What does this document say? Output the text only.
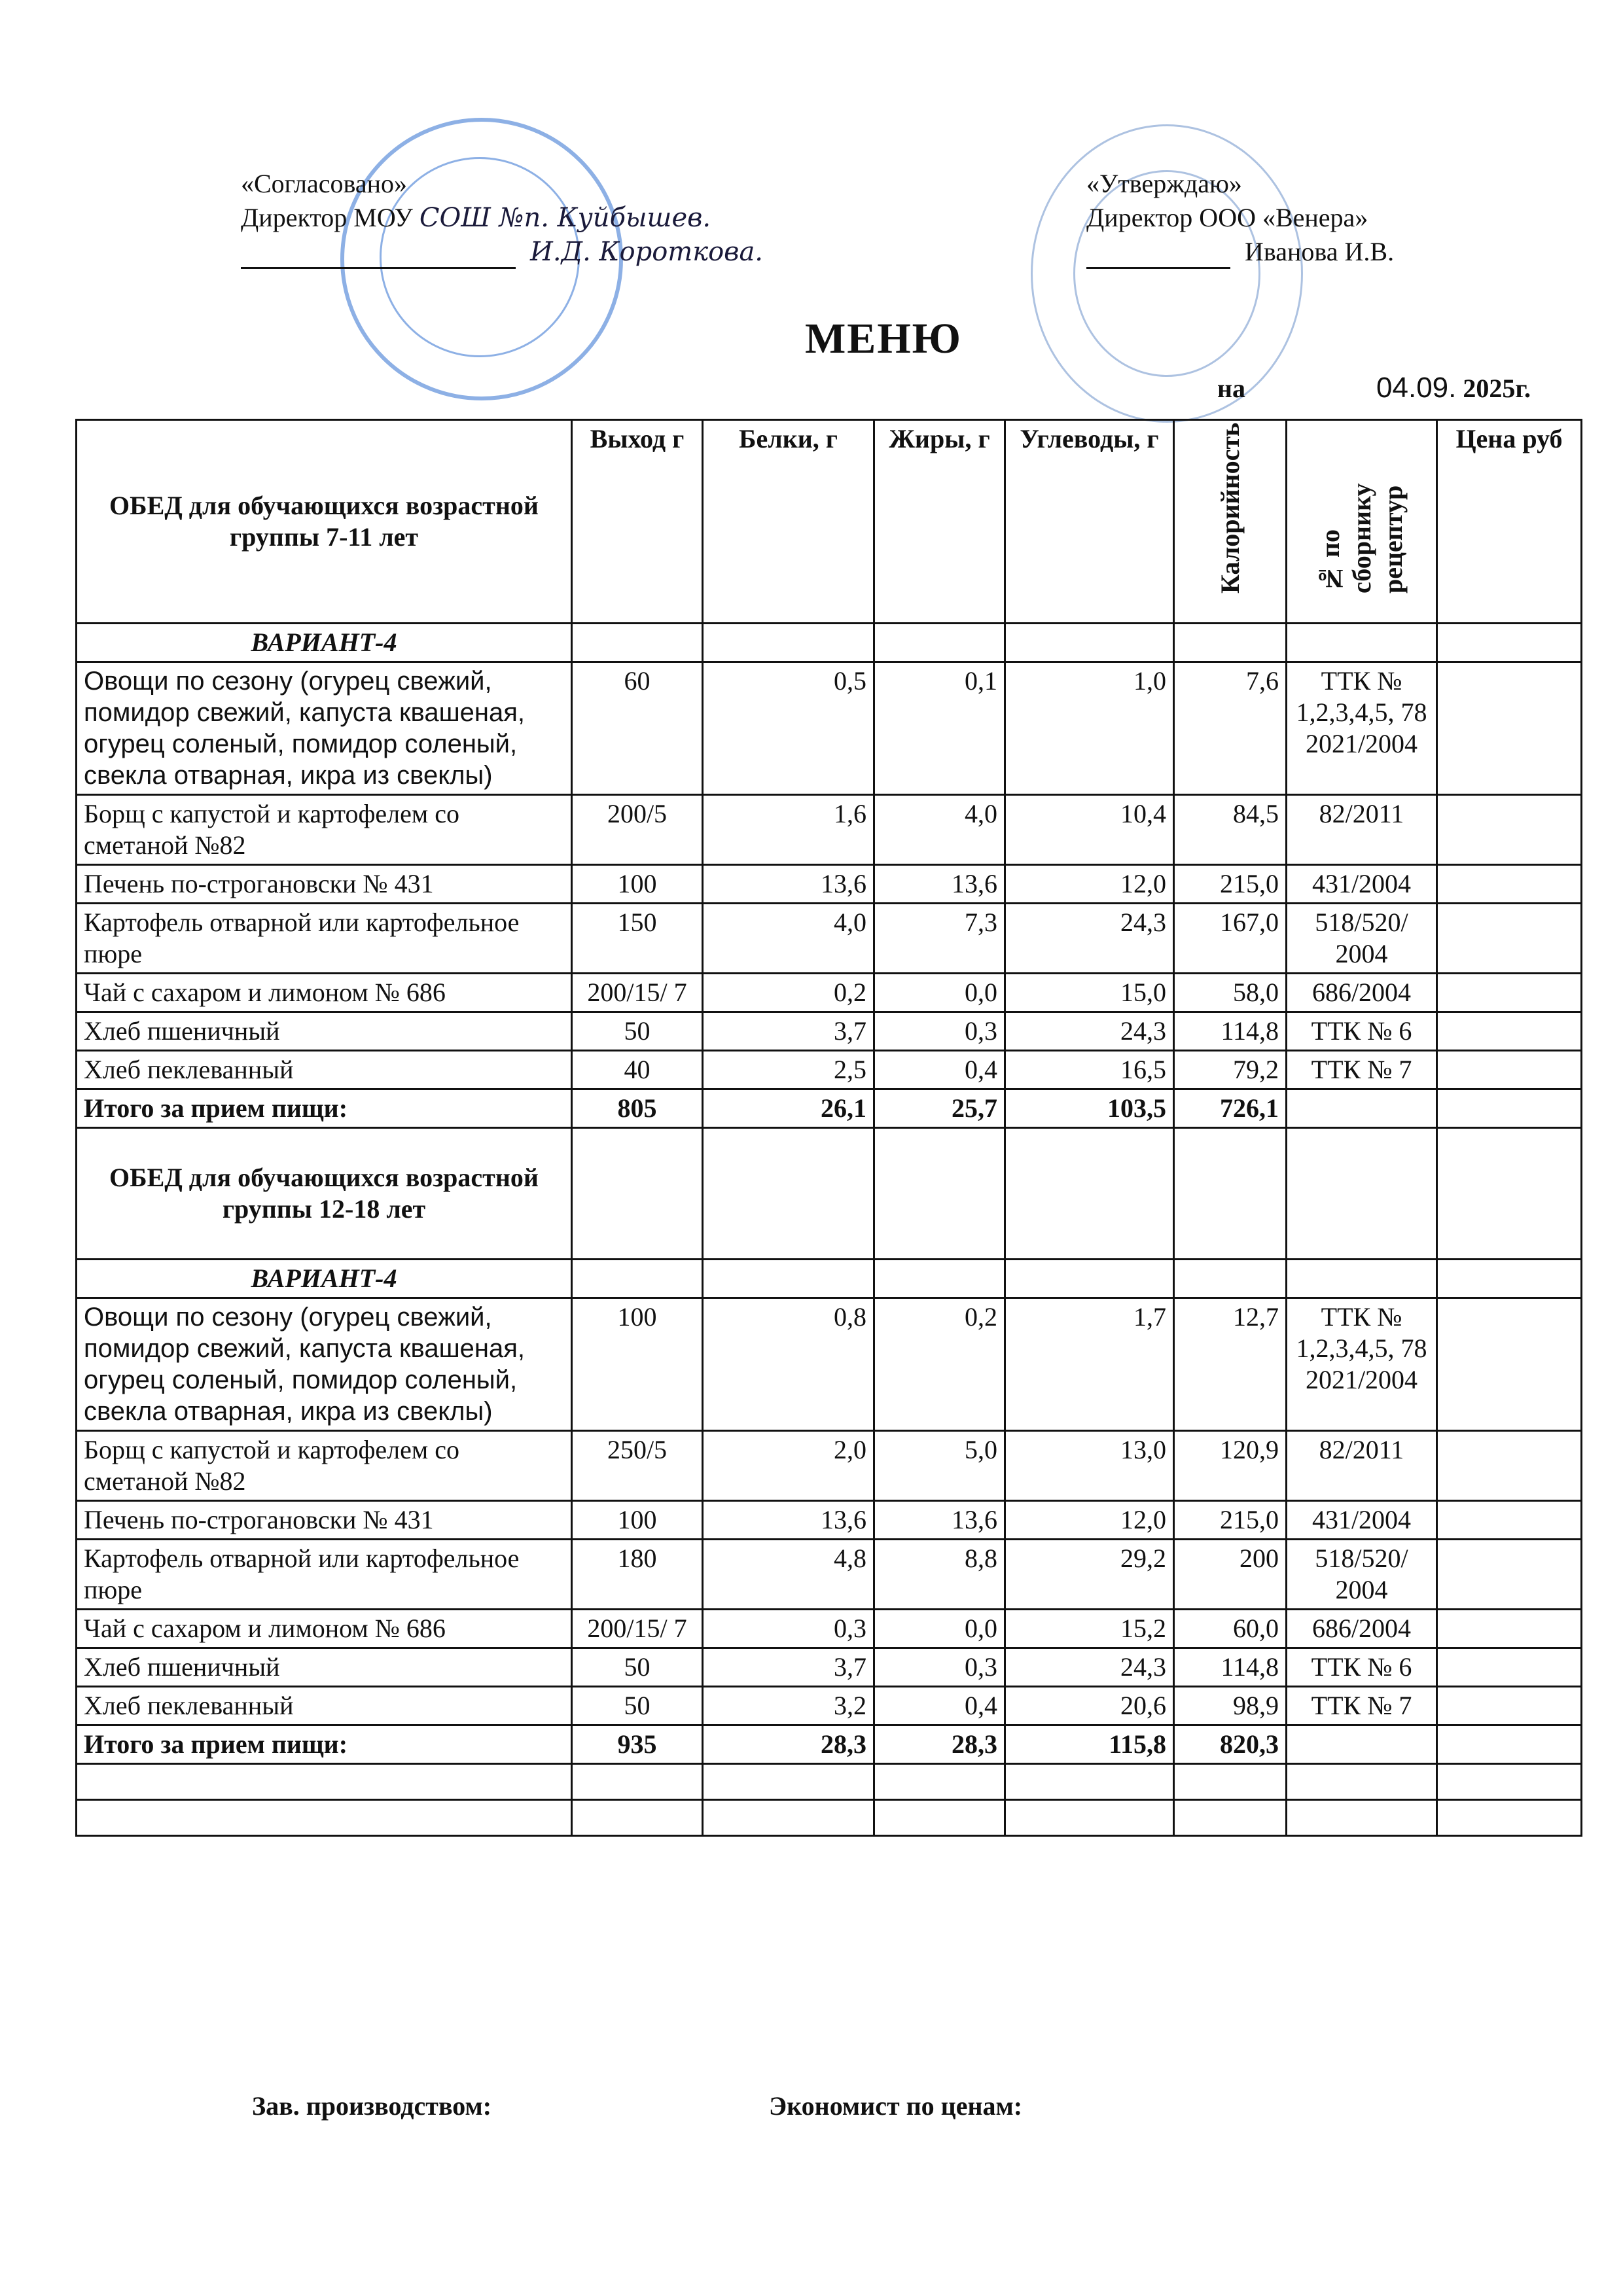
«Согласовано»
Директор МОУ СОШ №п. Куйбышев.
И.Д. Короткова.
«Утверждаю»
Директор ООО «Венера»
Иванова И.В.
МЕНЮ
на	04.09. 2025г.
ОБЕД для обучающихся возрастной группы 7-11 лет	Выход г	Белки, г	Жиры, г	Углеводы, г	Калорийность	№ по сборнику рецептур	Цена руб
ВАРИАНТ-4							
Овощи по сезону (огурец свежий, помидор свежий, капуста квашеная, огурец соленый, помидор соленый, свекла отварная, икра из свеклы)	60	0,5	0,1	1,0	7,6	ТТК № 1,2,3,4,5, 78 2021/2004	
Борщ с капустой и картофелем со сметаной №82	200/5	1,6	4,0	10,4	84,5	82/2011	
Печень по-строгановски № 431	100	13,6	13,6	12,0	215,0	431/2004	
Картофель отварной или картофельное пюре	150	4,0	7,3	24,3	167,0	518/520/ 2004	
Чай с сахаром и лимоном № 686	200/15/ 7	0,2	0,0	15,0	58,0	686/2004	
Хлеб пшеничный	50	3,7	0,3	24,3	114,8	ТТК № 6	
Хлеб пеклеванный	40	2,5	0,4	16,5	79,2	ТТК № 7	
Итого за прием пищи:	805	26,1	25,7	103,5	726,1		
ОБЕД для обучающихся возрастной группы 12-18 лет							
ВАРИАНТ-4							
Овощи по сезону (огурец свежий, помидор свежий, капуста квашеная, огурец соленый, помидор соленый, свекла отварная, икра из свеклы)	100	0,8	0,2	1,7	12,7	ТТК № 1,2,3,4,5, 78 2021/2004	
Борщ с капустой и картофелем со сметаной №82	250/5	2,0	5,0	13,0	120,9	82/2011	
Печень по-строгановски № 431	100	13,6	13,6	12,0	215,0	431/2004	
Картофель отварной или картофельное пюре	180	4,8	8,8	29,2	200	518/520/ 2004	
Чай с сахаром и лимоном № 686	200/15/ 7	0,3	0,0	15,2	60,0	686/2004	
Хлеб пшеничный	50	3,7	0,3	24,3	114,8	ТТК № 6	
Хлеб пеклеванный	50	3,2	0,4	20,6	98,9	ТТК № 7	
Итого за прием пищи:	935	28,3	28,3	115,8	820,3		

Зав. производством:	Экономист по ценам:
